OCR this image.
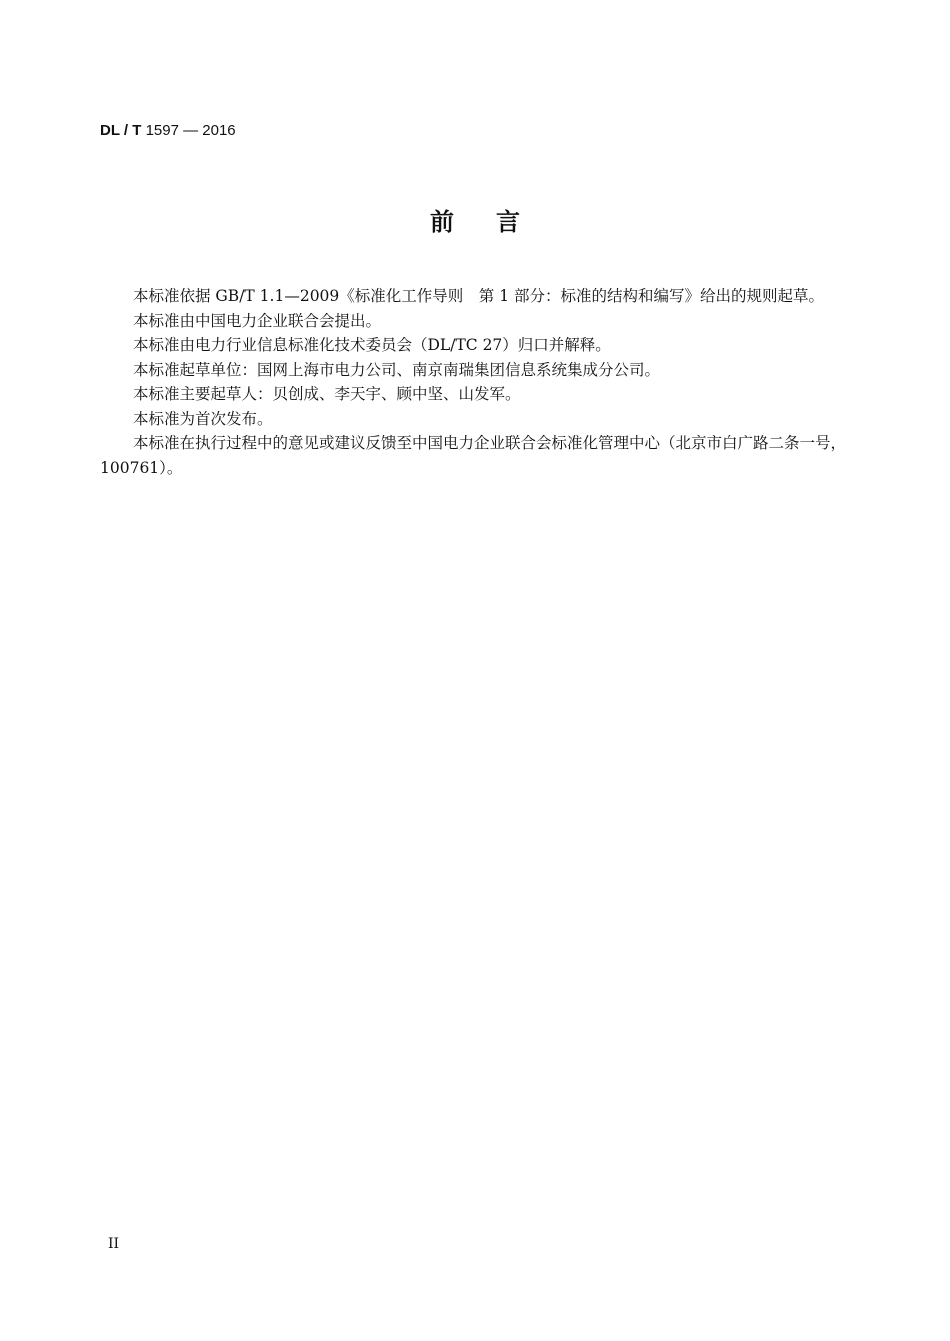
DL / T 1597 — 2016
前言

本标准依据 GB/T 1.1—2009《标准化工作导则　第 1 部分：标准的结构和编写》给出的规则起草。

本标准由中国电力企业联合会提出。

本标准由电力行业信息标准化技术委员会（DL/TC 27）归口并解释。

本标准起草单位：国网上海市电力公司、南京南瑞集团信息系统集成分公司。

本标准主要起草人：贝创成、李天宇、顾中坚、山发军。

本标准为首次发布。

本标准在执行过程中的意见或建议反馈至中国电力企业联合会标准化管理中心（北京市白广路二条一号，100761）。

II
